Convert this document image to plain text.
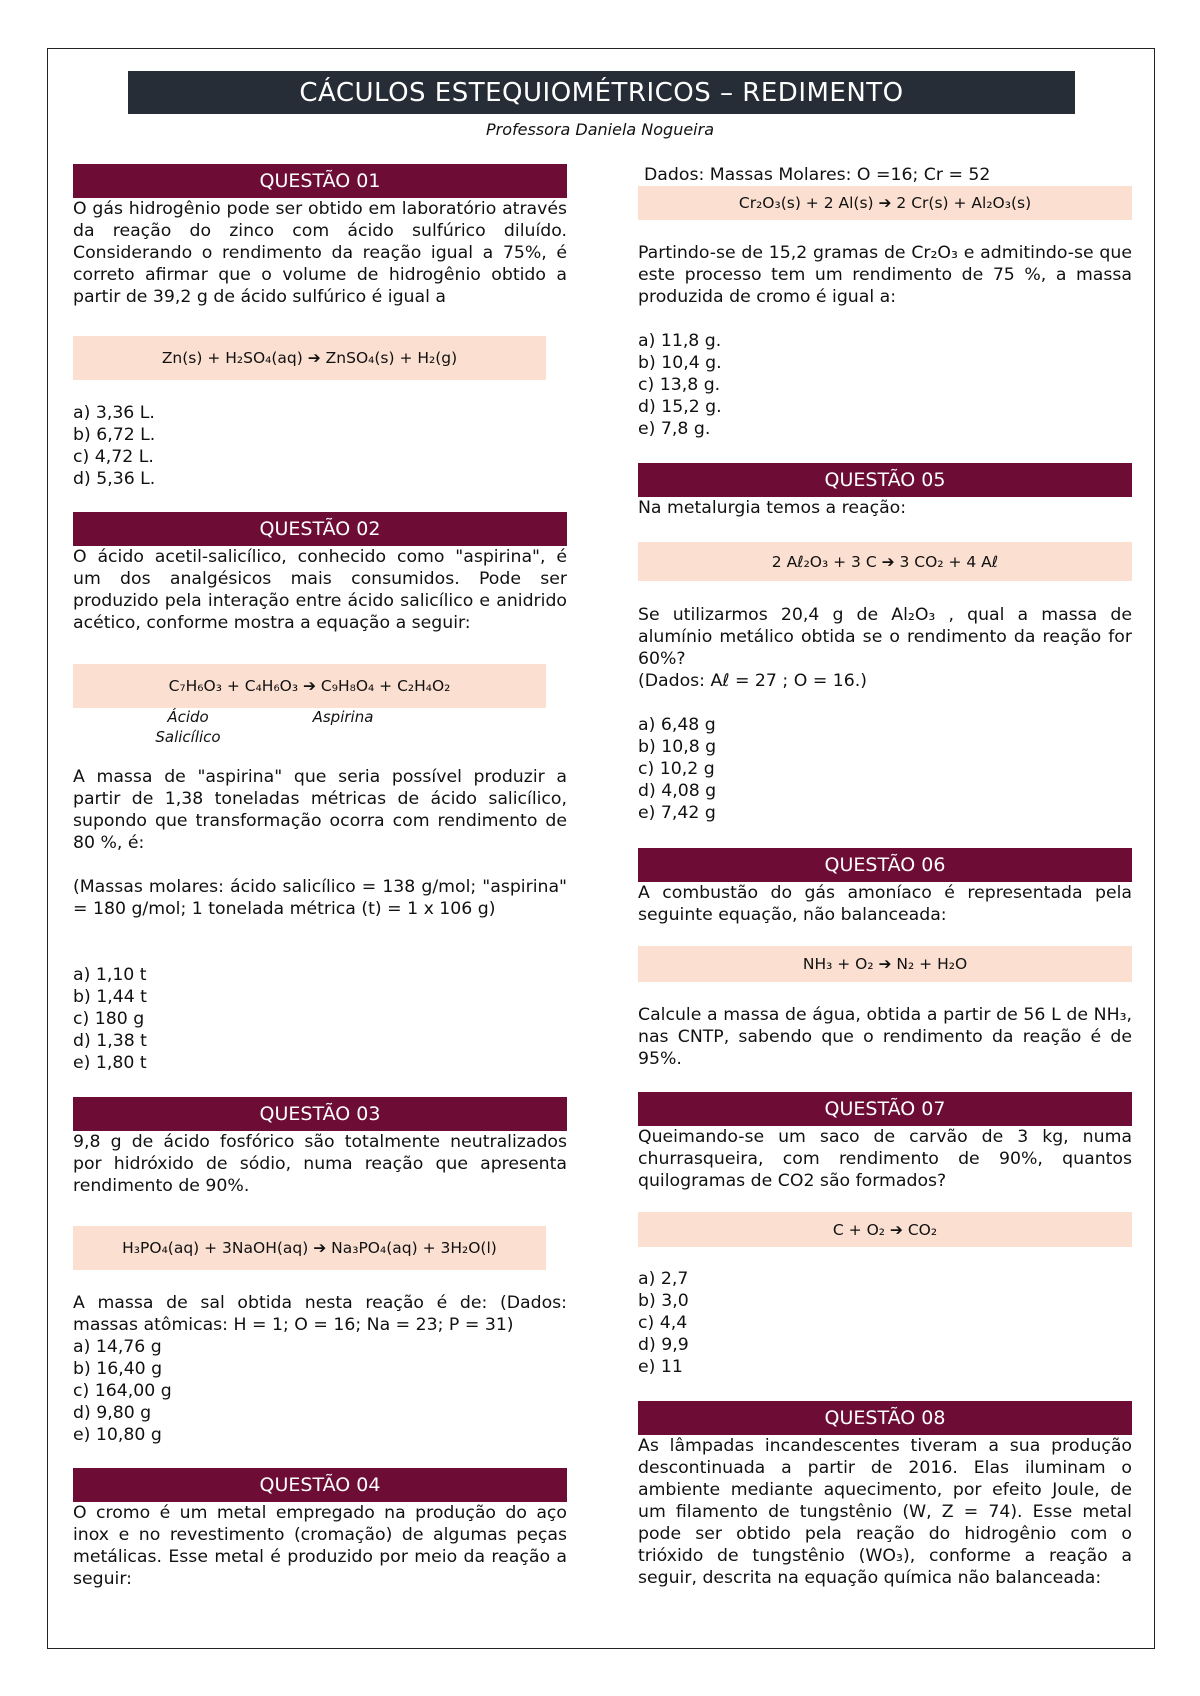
CÁCULOS ESTEQUIOMÉTRICOS – REDIMENTO
Professora Daniela Nogueira
QUESTÃO 01
O gás hidrogênio pode ser obtido em laboratório através da reação do zinco com ácido sulfúrico diluído. Considerando o rendimento da reação igual a 75%, é correto afirmar que o volume de hidrogênio obtido a partir de 39,2 g de ácido sulfúrico é igual a
Zn(s) + H₂SO₄(aq) ➔ ZnSO₄(s) + H₂(g)
a) 3,36 L.
b) 6,72 L.
c) 4,72 L.
d) 5,36 L.
QUESTÃO 02
O ácido acetil-salicílico, conhecido como "aspirina", é um dos analgésicos mais consumidos. Pode ser produzido pela interação entre ácido salicílico e anidrido acético, conforme mostra a equação a seguir:
C₇H₆O₃ + C₄H₆O₃ ➔ C₉H₈O₄ + C₂H₄O₂
Ácido Salicílico
Aspirina
A massa de "aspirina" que seria possível produzir a partir de 1,38 toneladas métricas de ácido salicílico, supondo que transformação ocorra com rendimento de 80 %, é:
(Massas molares: ácido salicílico = 138 g/mol; "aspirina" = 180 g/mol; 1 tonelada métrica (t) = 1 x 106 g)
a) 1,10 t
b) 1,44 t
c) 180 g
d) 1,38 t
e) 1,80 t
QUESTÃO 03
9,8 g de ácido fosfórico são totalmente neutralizados por hidróxido de sódio, numa reação que apresenta rendimento de 90%.
H₃PO₄(aq) + 3NaOH(aq) ➔ Na₃PO₄(aq) + 3H₂O(l)
A massa de sal obtida nesta reação é de: (Dados: massas atômicas: H = 1; O = 16; Na = 23; P = 31)
a) 14,76 g
b) 16,40 g
c) 164,00 g
d) 9,80 g
e) 10,80 g
QUESTÃO 04
O cromo é um metal empregado na produção do aço inox e no revestimento (cromação) de algumas peças metálicas. Esse metal é produzido por meio da reação a seguir:
Dados: Massas Molares: O =16; Cr = 52
Cr₂O₃(s) + 2 Al(s) ➔ 2 Cr(s) + Al₂O₃(s)
Partindo-se de 15,2 gramas de Cr₂O₃ e admitindo-se que este processo tem um rendimento de 75 %, a massa produzida de cromo é igual a:
a) 11,8 g.
b) 10,4 g.
c) 13,8 g.
d) 15,2 g.
e) 7,8 g.
QUESTÃO 05
Na metalurgia temos a reação:
2 Aℓ₂O₃ + 3 C ➔ 3 CO₂ + 4 Aℓ
Se utilizarmos 20,4 g de Al₂O₃ , qual a massa de alumínio metálico obtida se o rendimento da reação for 60%?
(Dados: Aℓ = 27 ; O = 16.)
a) 6,48 g
b) 10,8 g
c) 10,2 g
d) 4,08 g
e) 7,42 g
QUESTÃO 06
A combustão do gás amoníaco é representada pela seguinte equação, não balanceada:
NH₃ + O₂ ➔ N₂ + H₂O
Calcule a massa de água, obtida a partir de 56 L de NH₃, nas CNTP, sabendo que o rendimento da reação é de 95%.
QUESTÃO 07
Queimando-se um saco de carvão de 3 kg, numa churrasqueira, com rendimento de 90%, quantos quilogramas de CO2 são formados?
C + O₂ ➔ CO₂
a) 2,7
b) 3,0
c) 4,4
d) 9,9
e) 11
QUESTÃO 08
As lâmpadas incandescentes tiveram a sua produção descontinuada a partir de 2016. Elas iluminam o ambiente mediante aquecimento, por efeito Joule, de um filamento de tungstênio (W, Z = 74). Esse metal pode ser obtido pela reação do hidrogênio com o trióxido de tungstênio (WO₃), conforme a reação a seguir, descrita na equação química não balanceada:
